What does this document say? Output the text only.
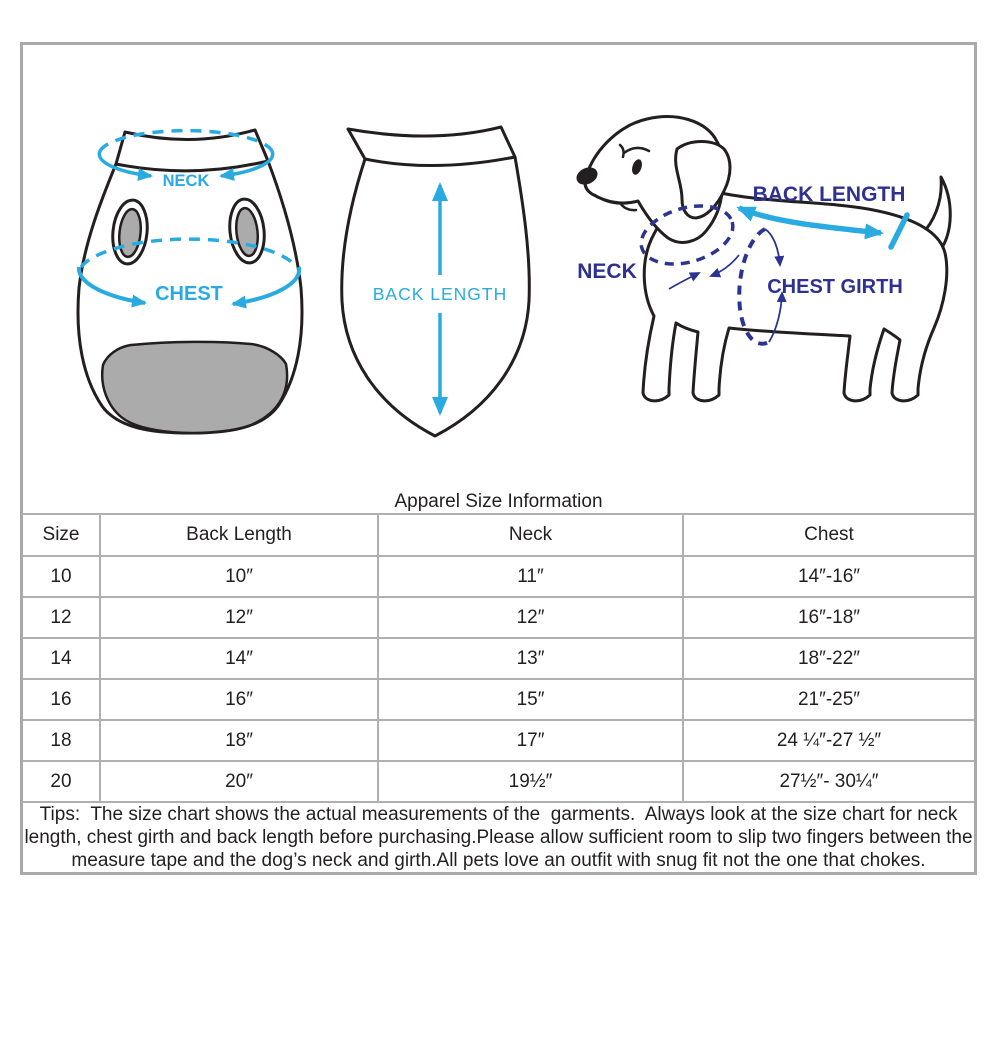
NECK
CHEST	BACK LENGTH
BACK LENGTH
NECK
CHEST GIRTH
Apparel Size Information			
Size	Back Length	Neck	Chest
10	10″	11″	14″-16″
12	12″	12″	16″-18″
14	14″	13″	18″-22″
16	16″	15″	21″-25″
18	18″	17″	24 ¼″-27 ½″
20	20″	19½″	27½″- 30¼″
Tips:  The size chart shows the actual measurements of the  garments.  Always look at the size chart for neck length, chest girth and back length before purchasing.Please allow sufficient room to slip two fingers between the measure tape and the dog’s neck and girth.All pets love an outfit with snug fit not the one that chokes.			
